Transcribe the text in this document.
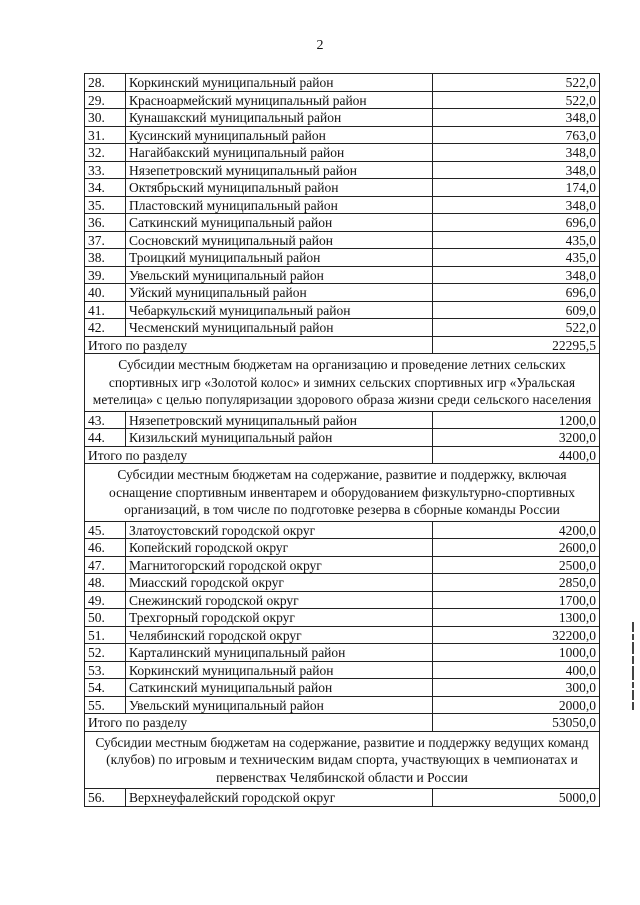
2
28.	Коркинский муниципальный район	522,0
29.	Красноармейский муниципальный район	522,0
30.	Кунашакский муниципальный район	348,0
31.	Кусинский муниципальный район	763,0
32.	Нагайбакский муниципальный район	348,0
33.	Нязепетровский муниципальный район	348,0
34.	Октябрьский муниципальный район	174,0
35.	Пластовский муниципальный район	348,0
36.	Саткинский муниципальный район	696,0
37.	Сосновский муниципальный район	435,0
38.	Троицкий муниципальный район	435,0
39.	Увельский муниципальный район	348,0
40.	Уйский муниципальный район	696,0
41.	Чебаркульский муниципальный район	609,0
42.	Чесменский муниципальный район	522,0
Итого по разделу		22295,5
Субсидии местным бюджетам на организацию и проведение летних сельских спортивных игр «Золотой колос» и зимних сельских спортивных игр «Уральская метелица» с целью популяризации здорового образа жизни среди сельского населения		
43.	Нязепетровский муниципальный район	1200,0
44.	Кизильский муниципальный район	3200,0
Итого по разделу		4400,0
Субсидии местным бюджетам на содержание, развитие и поддержку, включая оснащение спортивным инвентарем и оборудованием физкультурно-спортивных организаций, в том числе по подготовке резерва в сборные команды России		
45.	Златоустовский городской округ	4200,0
46.	Копейский городской округ	2600,0
47.	Магнитогорский городской округ	2500,0
48.	Миасский городской округ	2850,0
49.	Снежинский городской округ	1700,0
50.	Трехгорный городской округ	1300,0
51.	Челябинский городской округ	32200,0
52.	Карталинский муниципальный район	1000,0
53.	Коркинский муниципальный район	400,0
54.	Саткинский муниципальный район	300,0
55.	Увельский муниципальный район	2000,0
Итого по разделу		53050,0
Субсидии местным бюджетам на содержание, развитие и поддержку ведущих команд (клубов) по игровым и техническим видам спорта, участвующих в чемпионатах и первенствах Челябинской области и России		
56.	Верхнеуфалейский городской округ	5000,0
